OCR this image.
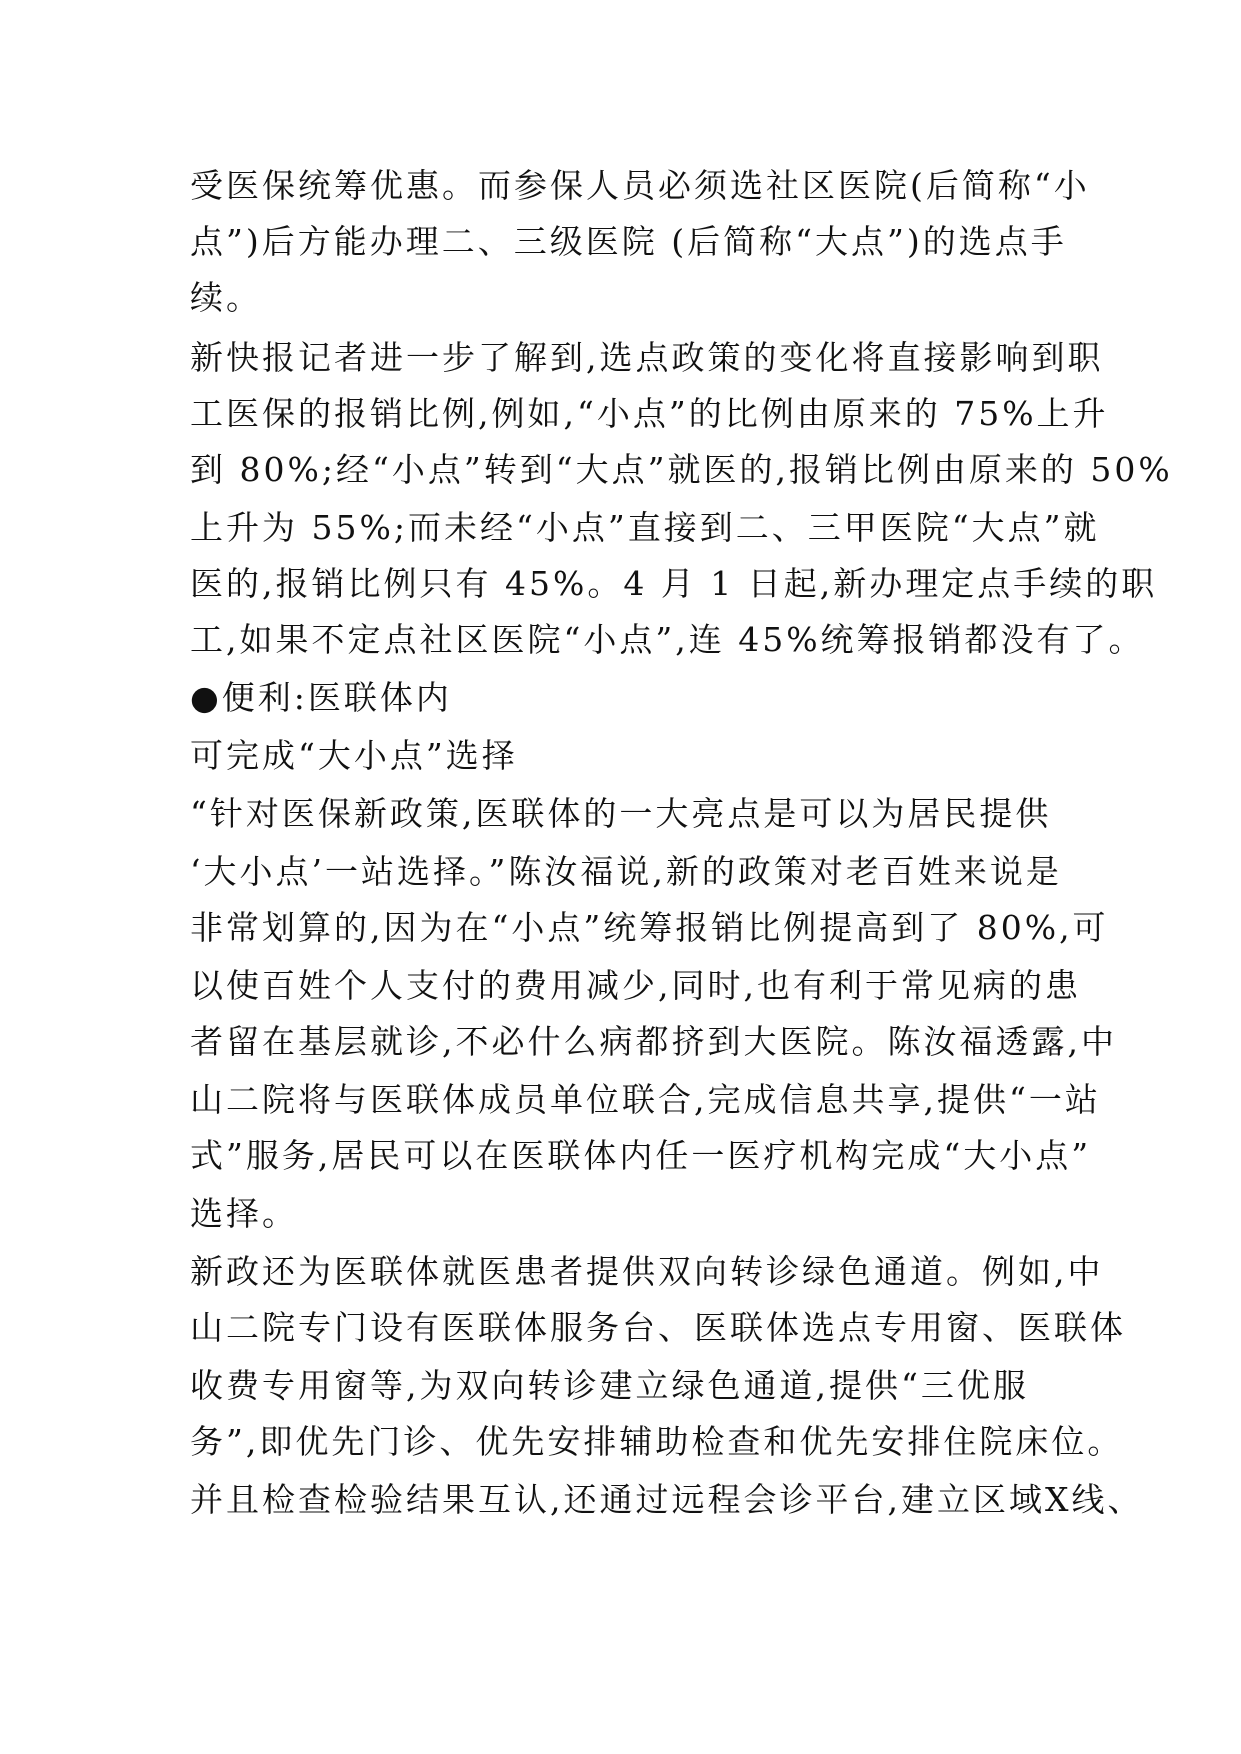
受医保统筹优惠。而参保人员必须选社区医院(后简称“小
点”)后方能办理二、三级医院 (后简称“大点”)的选点手
续。
新快报记者进一步了解到,选点政策的变化将直接影响到职
工医保的报销比例,例如,“小点”的比例由原来的 75%上升
到 80%;经“小点”转到“大点”就医的,报销比例由原来的 50%
上升为 55%;而未经“小点”直接到二、三甲医院“大点”就
医的,报销比例只有 45%。4 月 1 日起,新办理定点手续的职
工,如果不定点社区医院“小点”,连 45%统筹报销都没有了。
●便利:医联体内
可完成“大小点”选择
“针对医保新政策,医联体的一大亮点是可以为居民提供
‘大小点’一站选择。”陈汝福说,新的政策对老百姓来说是
非常划算的,因为在“小点”统筹报销比例提高到了 80%,可
以使百姓个人支付的费用减少,同时,也有利于常见病的患
者留在基层就诊,不必什么病都挤到大医院。陈汝福透露,中
山二院将与医联体成员单位联合,完成信息共享,提供“一站
式”服务,居民可以在医联体内任一医疗机构完成“大小点”
选择。
新政还为医联体就医患者提供双向转诊绿色通道。例如,中
山二院专门设有医联体服务台、医联体选点专用窗、医联体
收费专用窗等,为双向转诊建立绿色通道,提供“三优服
务”,即优先门诊、优先安排辅助检查和优先安排住院床位。
并且检查检验结果互认,还通过远程会诊平台,建立区域X线、
